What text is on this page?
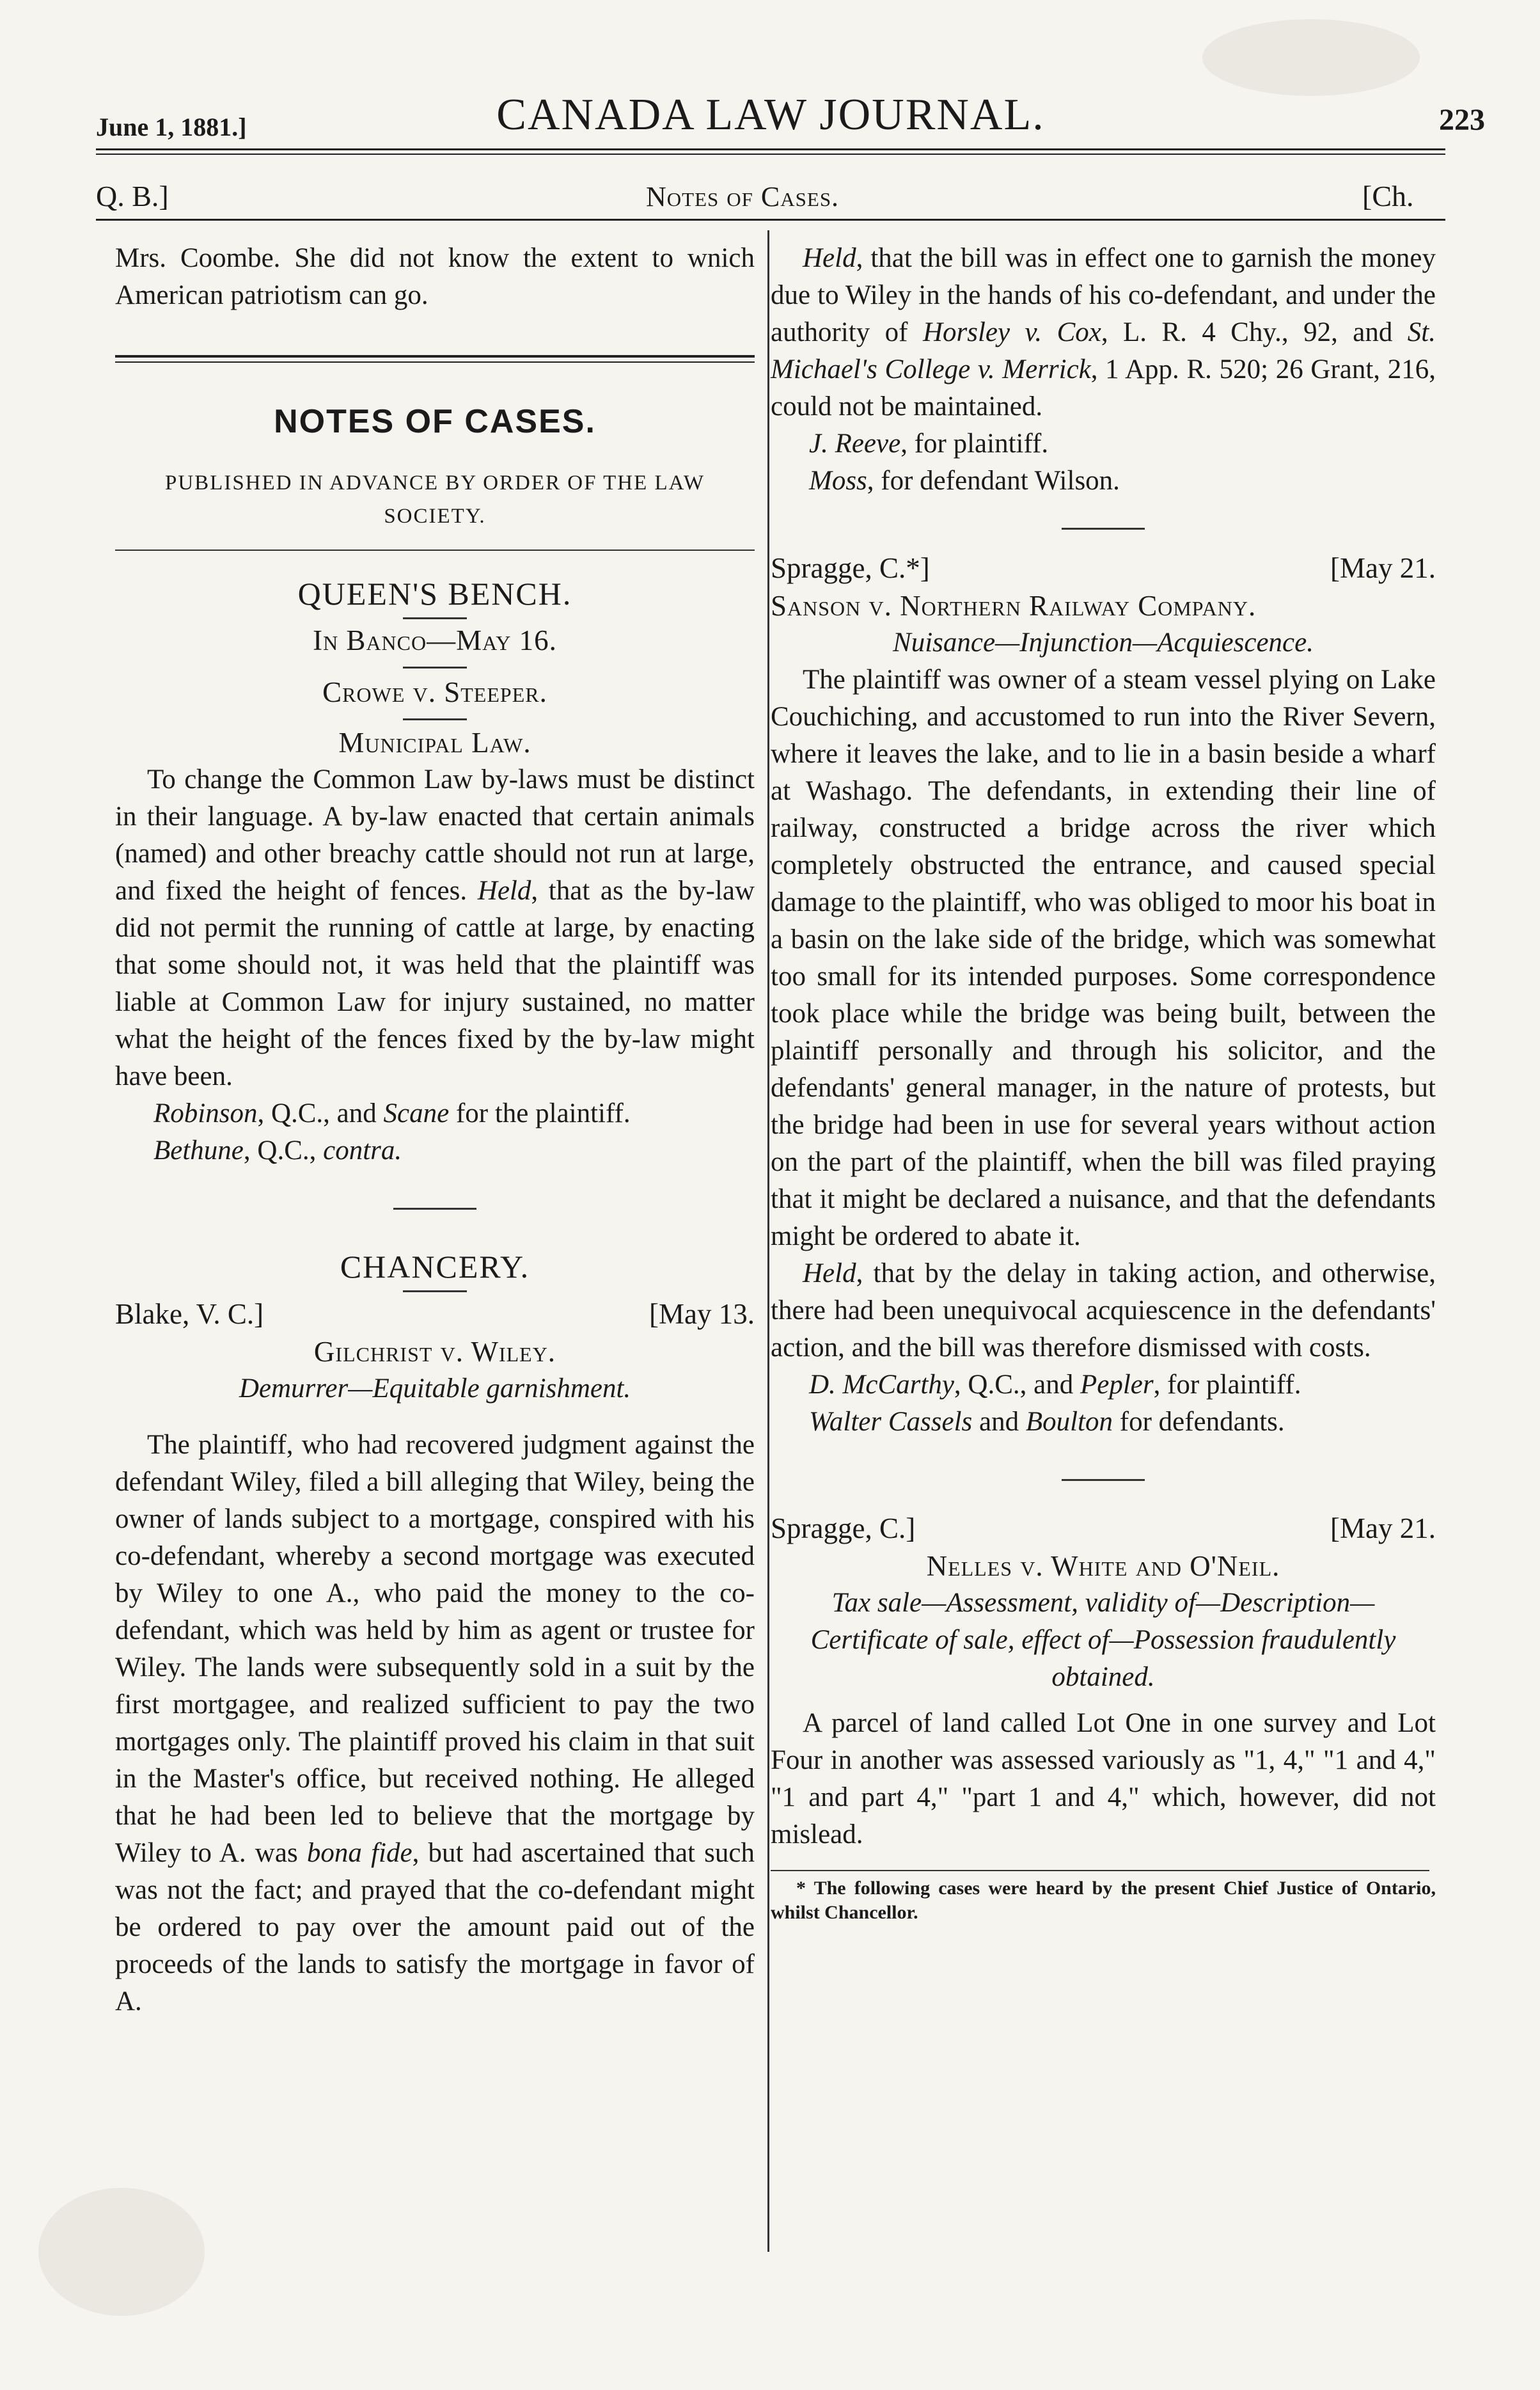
June 1, 1881.]	CANADA LAW JOURNAL.	223
Q. B.]	Notes of Cases.	[Ch.

Mrs. Coombe. She did not know the extent to wnich American patriotism can go.

NOTES OF CASES.
PUBLISHED IN ADVANCE BY ORDER OF THE LAW SOCIETY.
QUEEN'S BENCH.
In Banco—May 16.
Crowe v. Steeper.
Municipal Law.

To change the Common Law by-laws must be distinct in their language. A by-law enacted that certain animals (named) and other breachy cattle should not run at large, and fixed the height of fences. Held, that as the by-law did not permit the running of cattle at large, by enacting that some should not, it was held that the plaintiff was liable at Common Law for injury sustained, no matter what the height of the fences fixed by the by-law might have been.

Robinson, Q.C., and Scane for the plaintiff.

Bethune, Q.C., contra.

CHANCERY.
Blake, V. C.]	[May 13.
Gilchrist v. Wiley.
Demurrer—Equitable garnishment.

The plaintiff, who had recovered judgment against the defendant Wiley, filed a bill alleging that Wiley, being the owner of lands subject to a mortgage, conspired with his co-defendant, whereby a second mortgage was executed by Wiley to one A., who paid the money to the co-defendant, which was held by him as agent or trustee for Wiley. The lands were subsequently sold in a suit by the first mortgagee, and realized sufficient to pay the two mortgages only. The plaintiff proved his claim in that suit in the Master's office, but received nothing. He alleged that he had been led to believe that the mortgage by Wiley to A. was bona fide, but had ascertained that such was not the fact; and prayed that the co-defendant might be ordered to pay over the amount paid out of the proceeds of the lands to satisfy the mortgage in favor of A.

Held, that the bill was in effect one to garnish the money due to Wiley in the hands of his co-defendant, and under the authority of Horsley v. Cox, L. R. 4 Chy., 92, and St. Michael's College v. Merrick, 1 App. R. 520; 26 Grant, 216, could not be maintained.

J. Reeve, for plaintiff.

Moss, for defendant Wilson.

Spragge, C.*]	[May 21.
Sanson v. Northern Railway Company.
Nuisance—Injunction—Acquiescence.

The plaintiff was owner of a steam vessel plying on Lake Couchiching, and accustomed to run into the River Severn, where it leaves the lake, and to lie in a basin beside a wharf at Washago. The defendants, in extending their line of railway, constructed a bridge across the river which completely obstructed the entrance, and caused special damage to the plaintiff, who was obliged to moor his boat in a basin on the lake side of the bridge, which was somewhat too small for its intended purposes. Some correspondence took place while the bridge was being built, between the plaintiff personally and through his solicitor, and the defendants' general manager, in the nature of protests, but the bridge had been in use for several years without action on the part of the plaintiff, when the bill was filed praying that it might be declared a nuisance, and that the defendants might be ordered to abate it.

Held, that by the delay in taking action, and otherwise, there had been unequivocal acquiescence in the defendants' action, and the bill was therefore dismissed with costs.

D. McCarthy, Q.C., and Pepler, for plaintiff.

Walter Cassels and Boulton for defendants.

Spragge, C.]	[May 21.
Nelles v. White and O'Neil.
Tax sale—Assessment, validity of—Description—Certificate of sale, effect of—Possession fraudulently obtained.

A parcel of land called Lot One in one survey and Lot Four in another was assessed variously as "1, 4," "1 and 4," "1 and part 4," "part 1 and 4," which, however, did not mislead.

* The following cases were heard by the present Chief Justice of Ontario, whilst Chancellor.
